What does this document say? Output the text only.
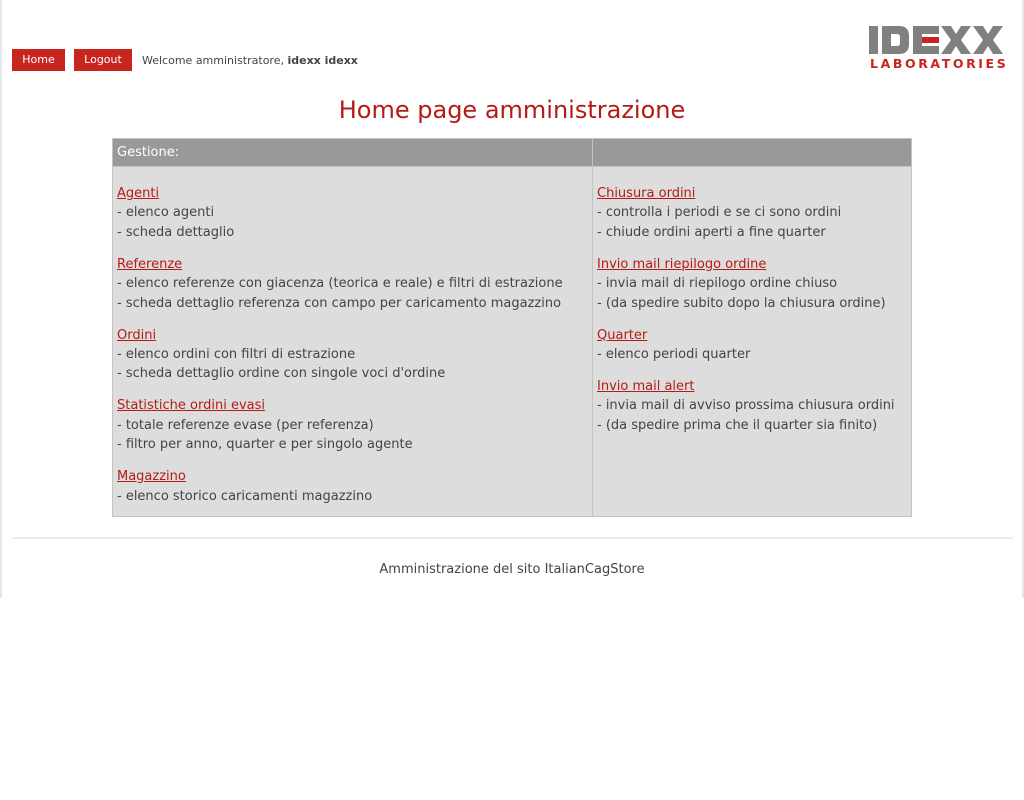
Home	Logout	Welcome amministratore, idexx idexx	LABORATORIES
Home page amministrazione
Gestione:
Agenti
- elenco agenti
- scheda dettaglio
Referenze
- elenco referenze con giacenza (teorica e reale) e filtri di estrazione
- scheda dettaglio referenza con campo per caricamento magazzino
Ordini
- elenco ordini con filtri di estrazione
- scheda dettaglio ordine con singole voci d'ordine
Statistiche ordini evasi
- totale referenze evase (per referenza)
- filtro per anno, quarter e per singolo agente
Magazzino
- elenco storico caricamenti magazzino
Chiusura ordini
- controlla i periodi e se ci sono ordini
- chiude ordini aperti a fine quarter
Invio mail riepilogo ordine
- invia mail di riepilogo ordine chiuso
- (da spedire subito dopo la chiusura ordine)
Quarter
- elenco periodi quarter
Invio mail alert
- invia mail di avviso prossima chiusura ordini
- (da spedire prima che il quarter sia finito)
Amministrazione del sito ItalianCagStore
